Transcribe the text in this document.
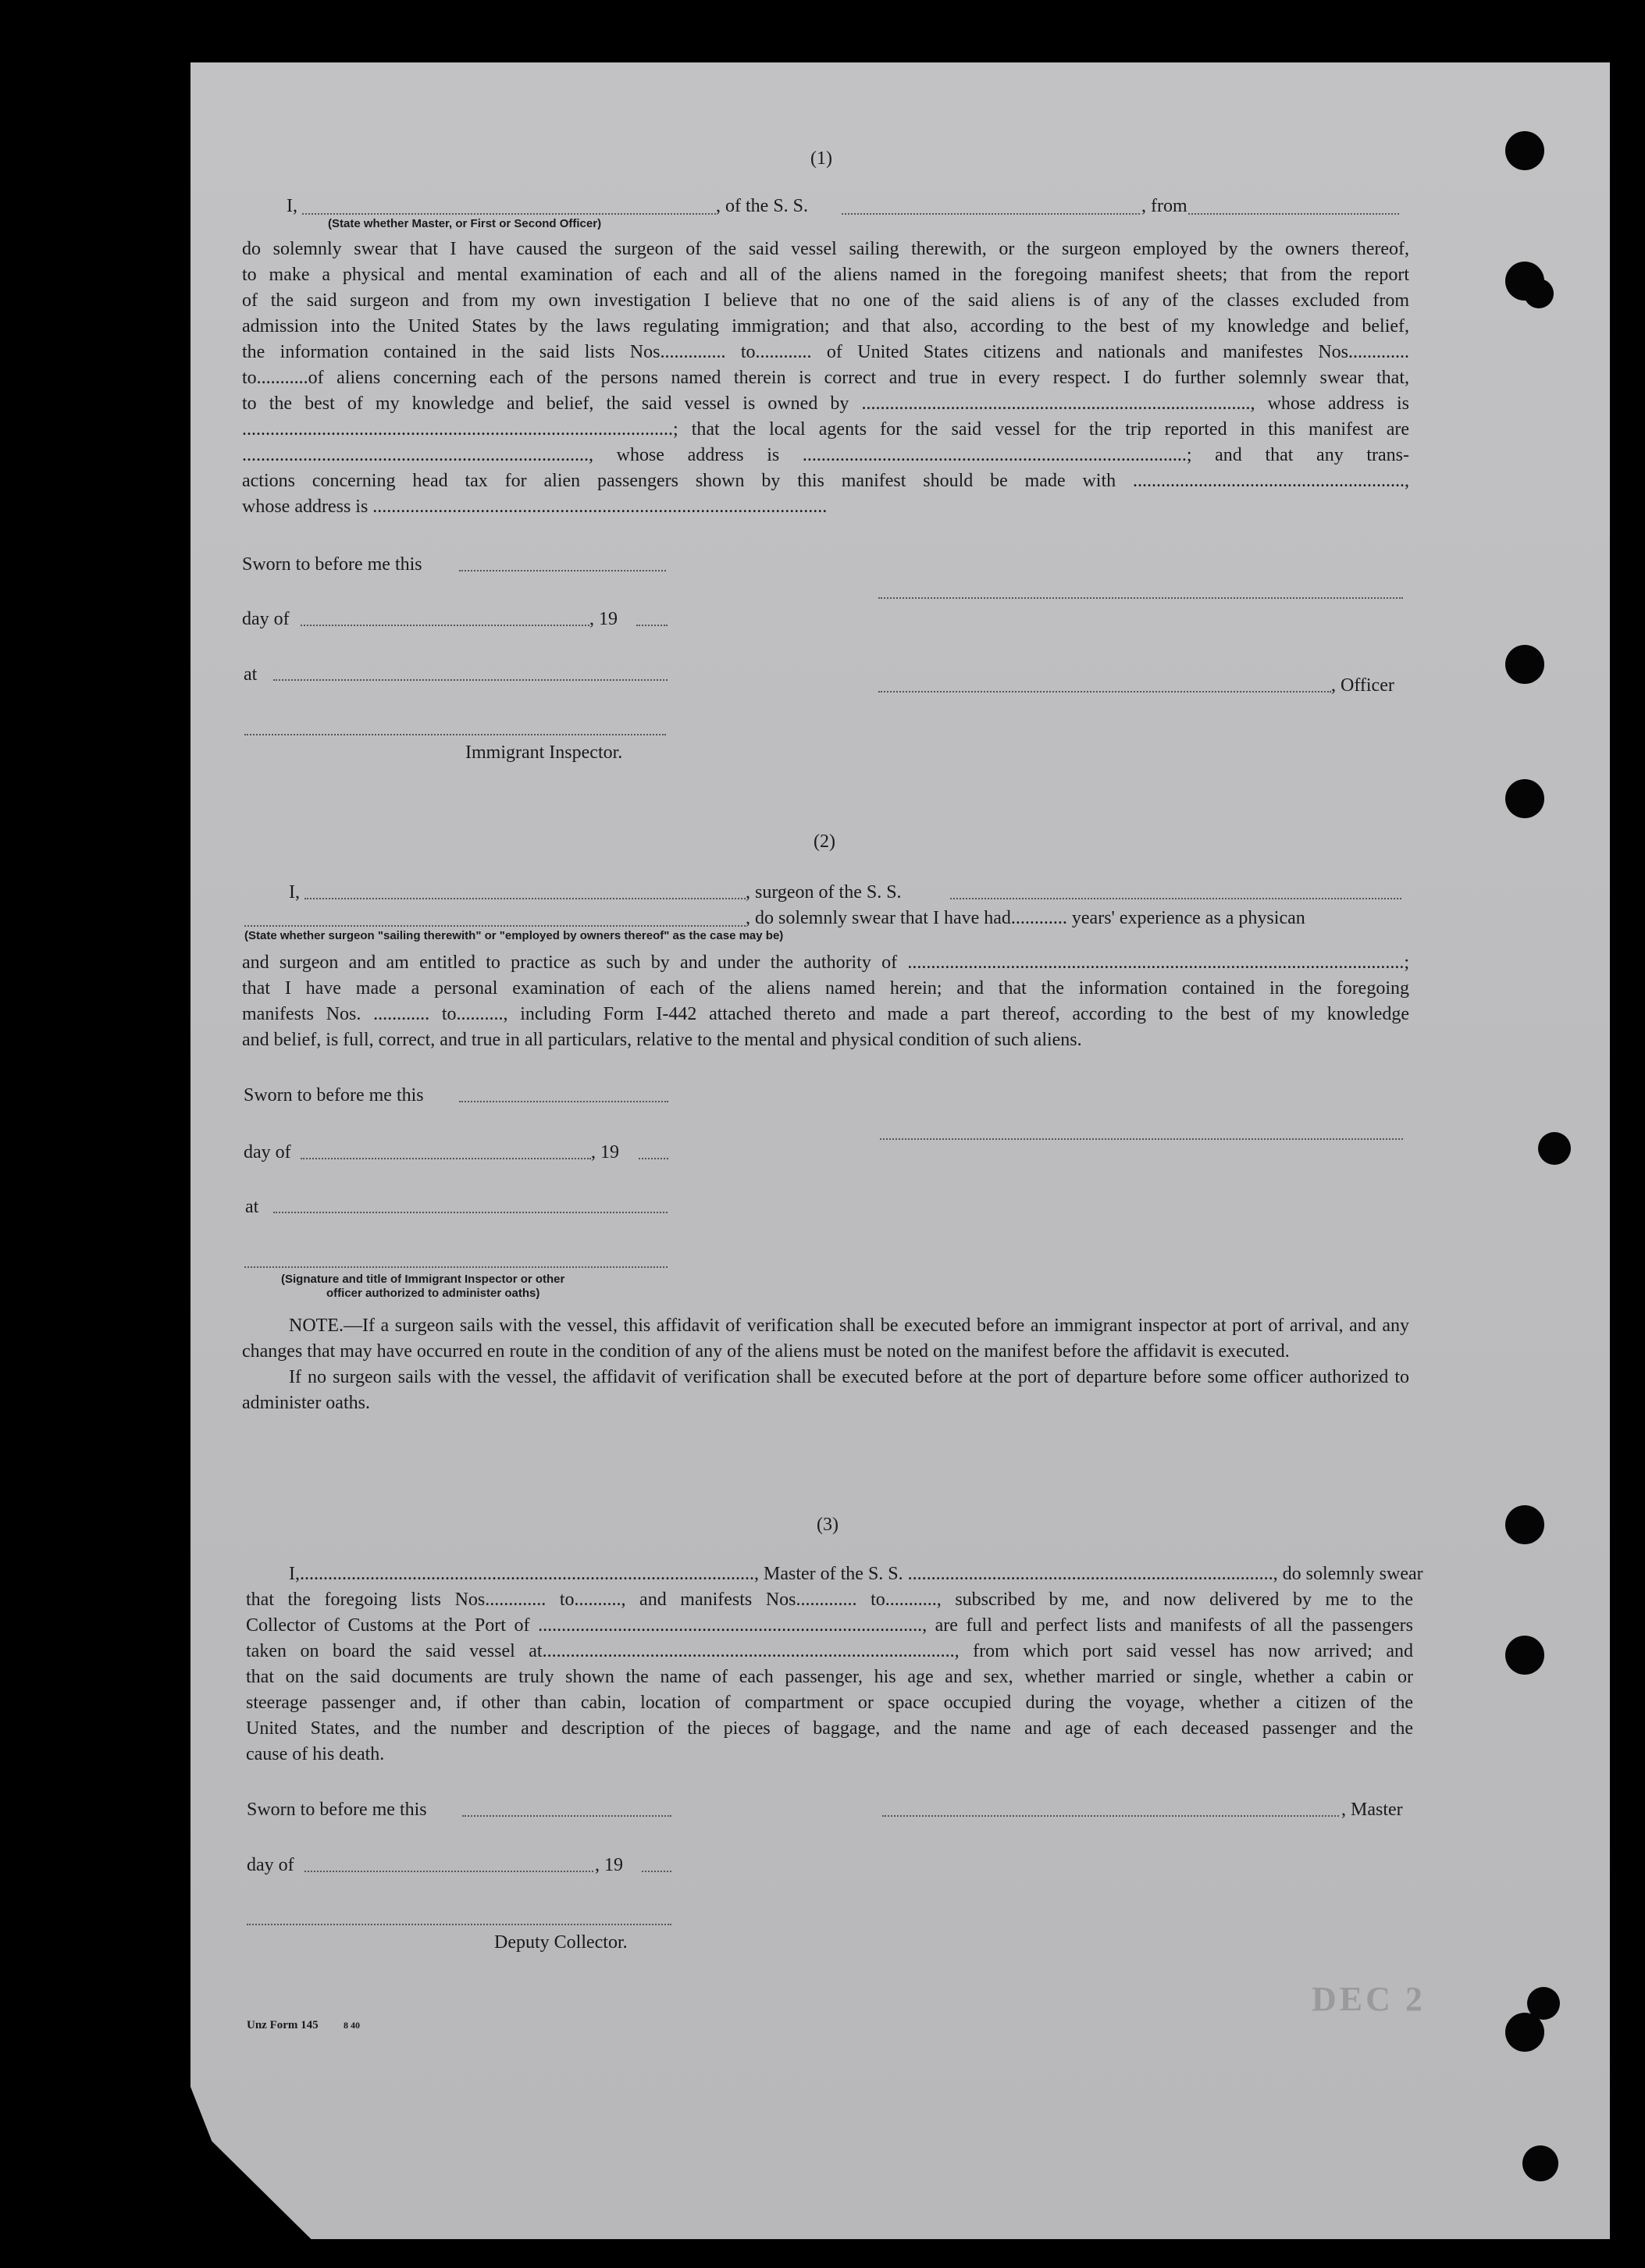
(1)
I,	, of the S. S.	, from
(State whether Master, or First or Second Officer)
do solemnly swear that I have caused the surgeon of the said vessel sailing therewith, or the surgeon employed by the owners thereof,
to make a physical and mental examination of each and all of the aliens named in the foregoing manifest sheets; that from the report
of the said surgeon and from my own investigation I believe that no one of the said aliens is of any of the classes excluded from
admission into the United States by the laws regulating immigration; and that also, according to the best of my knowledge and belief,
the information contained in the said lists Nos.............. to............ of United States citizens and nationals and manifestes Nos.............
to...........of aliens concerning each of the persons named therein is correct and true in every respect. I do further solemnly swear that,
to the best of my knowledge and belief, the said vessel is owned by ..................................................................................., whose address is
............................................................................................; that the local agents for the said vessel for the trip reported in this manifest are
.........................................................................., whose address is ..................................................................................; and that any trans-
actions concerning head tax for alien passengers shown by this manifest should be made with ..........................................................,
whose address is .................................................................................................
Sworn to before me this
day of	, 19
at
, Officer
Immigrant Inspector.
(2)
I,	, surgeon of the S. S.
, do solemnly swear that I have had............ years' experience as a physican
(State whether surgeon "sailing therewith" or "employed by owners thereof" as the case may be)
and surgeon and am entitled to practice as such by and under the authority of ..........................................................................................................;
that I have made a personal examination of each of the aliens named herein; and that the information contained in the foregoing
manifests Nos. ............ to.........., including Form I-442 attached thereto and made a part thereof, according to the best of my knowledge
and belief, is full, correct, and true in all particulars, relative to the mental and physical condition of such aliens.
Sworn to before me this
day of	, 19
at
(Signature and title of Immigrant Inspector or other
officer authorized to administer oaths)

NOTE.—If a surgeon sails with the vessel, this affidavit of verification shall be executed before an immigrant inspector at port of arrival, and any changes that may have occurred en route in the condition of any of the aliens must be noted on the manifest before the affidavit is executed.

If no surgeon sails with the vessel, the affidavit of verification shall be executed before at the port of departure before some officer authorized to administer oaths.

(3)
I,................................................................................................., Master of the S. S. .............................................................................., do solemnly swear
that the foregoing lists Nos............. to.........., and manifests Nos............. to..........., subscribed by me, and now delivered by me to the
Collector of Customs at the Port of .................................................................................., are full and perfect lists and manifests of all the passengers
taken on board the said vessel at........................................................................................, from which port said vessel has now arrived; and
that on the said documents are truly shown the name of each passenger, his age and sex, whether married or single, whether a cabin or
steerage passenger and, if other than cabin, location of compartment or space occupied during the voyage, whether a citizen of the
United States, and the number and description of the pieces of baggage, and the name and age of each deceased passenger and the
cause of his death.
Sworn to before me this	, Master
day of	, 19
Deputy Collector.
Unz Form 145	8 40
DEC 2
